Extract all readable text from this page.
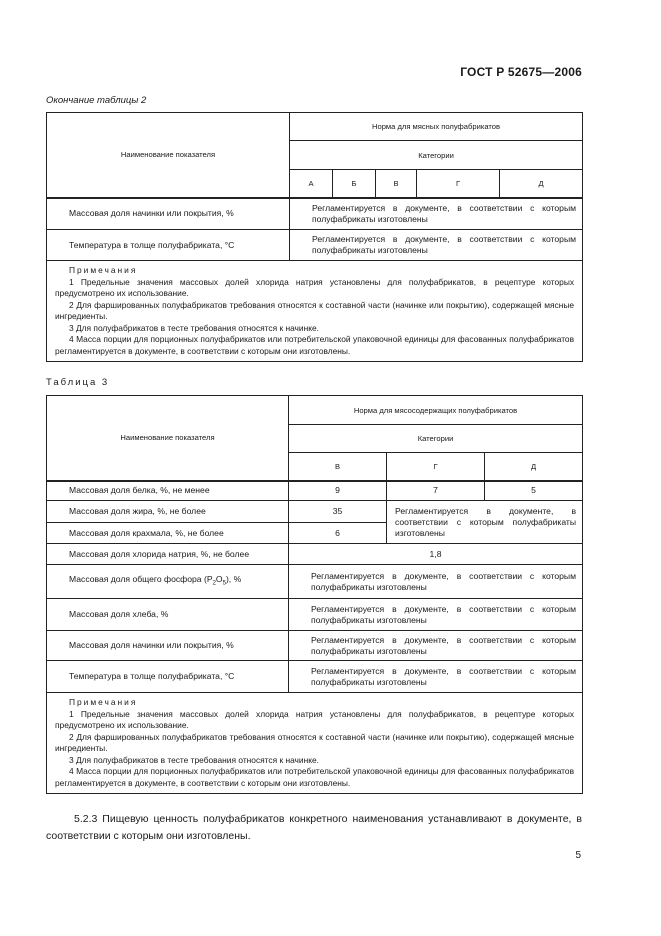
ГОСТ Р 52675—2006
Окончание таблицы 2
Наименование показателя	Норма для мясных полуфабрикатов				
	Категории				
	А	Б	В	Г	Д
Массовая доля начинки или покрытия, %	Регламентируется в документе, в соответствии с которым полуфабрикаты изготовлены				
Температура в толще полуфабриката, °С	Регламентируется в документе, в соответствии с которым полуфабрикаты изготовлены				

Примечания

1 Предельные значения массовых долей хлорида натрия установлены для полуфабрикатов, в рецептуре которых предусмотрено их использование.

2 Для фаршированных полуфабрикатов требования относятся к составной части (начинке или покрытию), содержащей мясные ингредиенты.

3 Для полуфабрикатов в тесте требования относятся к начинке.

4 Масса порции для порционных полуфабрикатов или потребительской упаковочной единицы для фасованных полуфабрикатов регламентируется в документе, в соответствии с которым они изготовлены.					

Таблица 3
Наименование показателя	Норма для мясосодержащих полуфабрикатов		
	Категории		
	В	Г	Д
Массовая доля белка, %, не менее	9	7	5
Массовая доля жира, %, не более	35	Регламентируется в документе, в соответствии с которым полуфабрикаты изготовлены	
Массовая доля крахмала, %, не более	6		
Массовая доля хлорида натрия, %, не более	1,8		
Массовая доля общего фосфора $(P_2O_5)$, %	Регламентируется в документе, в соответствии с которым полуфабрикаты изготовлены		
Массовая доля хлеба, %	Регламентируется в документе, в соответствии с которым полуфабрикаты изготовлены		
Массовая доля начинки или покрытия, %	Регламентируется в документе, в соответствии с которым полуфабрикаты изготовлены		
Температура в толще полуфабриката, °С	Регламентируется в документе, в соответствии с которым полуфабрикаты изготовлены		

Примечания

1 Предельные значения массовых долей хлорида натрия установлены для полуфабрикатов, в рецептуре которых предусмотрено их использование.

2 Для фаршированных полуфабрикатов требования относятся к составной части (начинке или покрытию), содержащей мясные ингредиенты.

3 Для полуфабрикатов в тесте требования относятся к начинке.

4 Масса порции для порционных полуфабрикатов или потребительской упаковочной единицы для фасованных полуфабрикатов регламентируется в документе, в соответствии с которым они изготовлены.			

5.2.3 Пищевую ценность полуфабрикатов конкретного наименования устанавливают в документе, в соответствии с которым они изготовлены.
5
